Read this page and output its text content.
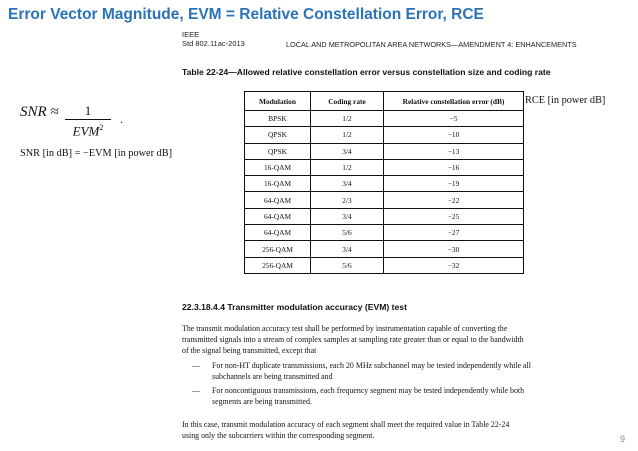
Error Vector Magnitude, EVM = Relative Constellation Error, RCE
IEEE
Std 802.11ac-2013	LOCAL AND METROPOLITAN AREA NETWORKS—AMENDMENT 4: ENHANCEMENTS
Table 22-24—Allowed relative constellation error versus constellation size and coding rate
SNR ≈	1
EVM$^2$
.
SNR [in dB] = −EVM [in power dB]
RCE [in power dB]
Modulation	Coding rate	Relative constellation error (dB)
BPSK	1/2	−5
QPSK	1/2	−10
QPSK	3/4	−13
16-QAM	1/2	−16
16-QAM	3/4	−19
64-QAM	2/3	−22
64-QAM	3/4	−25
64-QAM	5/6	−27
256-QAM	3/4	−30
256-QAM	5/6	−32
22.3.18.4.4 Transmitter modulation accuracy (EVM) test
The transmit modulation accuracy test shall be performed by instrumentation capable of converting the
transmitted signals into a stream of complex samples at sampling rate greater than or equal to the bandwidth
of the signal being transmitted, except that
— For non-HT duplicate transmissions, each 20 MHz subchannel may be tested independently while all
subchannels are being transmitted and
— For noncontiguous transmissions, each frequency segment may be tested independently while both
segments are being transmitted.
In this case, transmit modulation accuracy of each segment shall meet the required value in Table 22-24
using only the subcarriers within the corresponding segment.	9
